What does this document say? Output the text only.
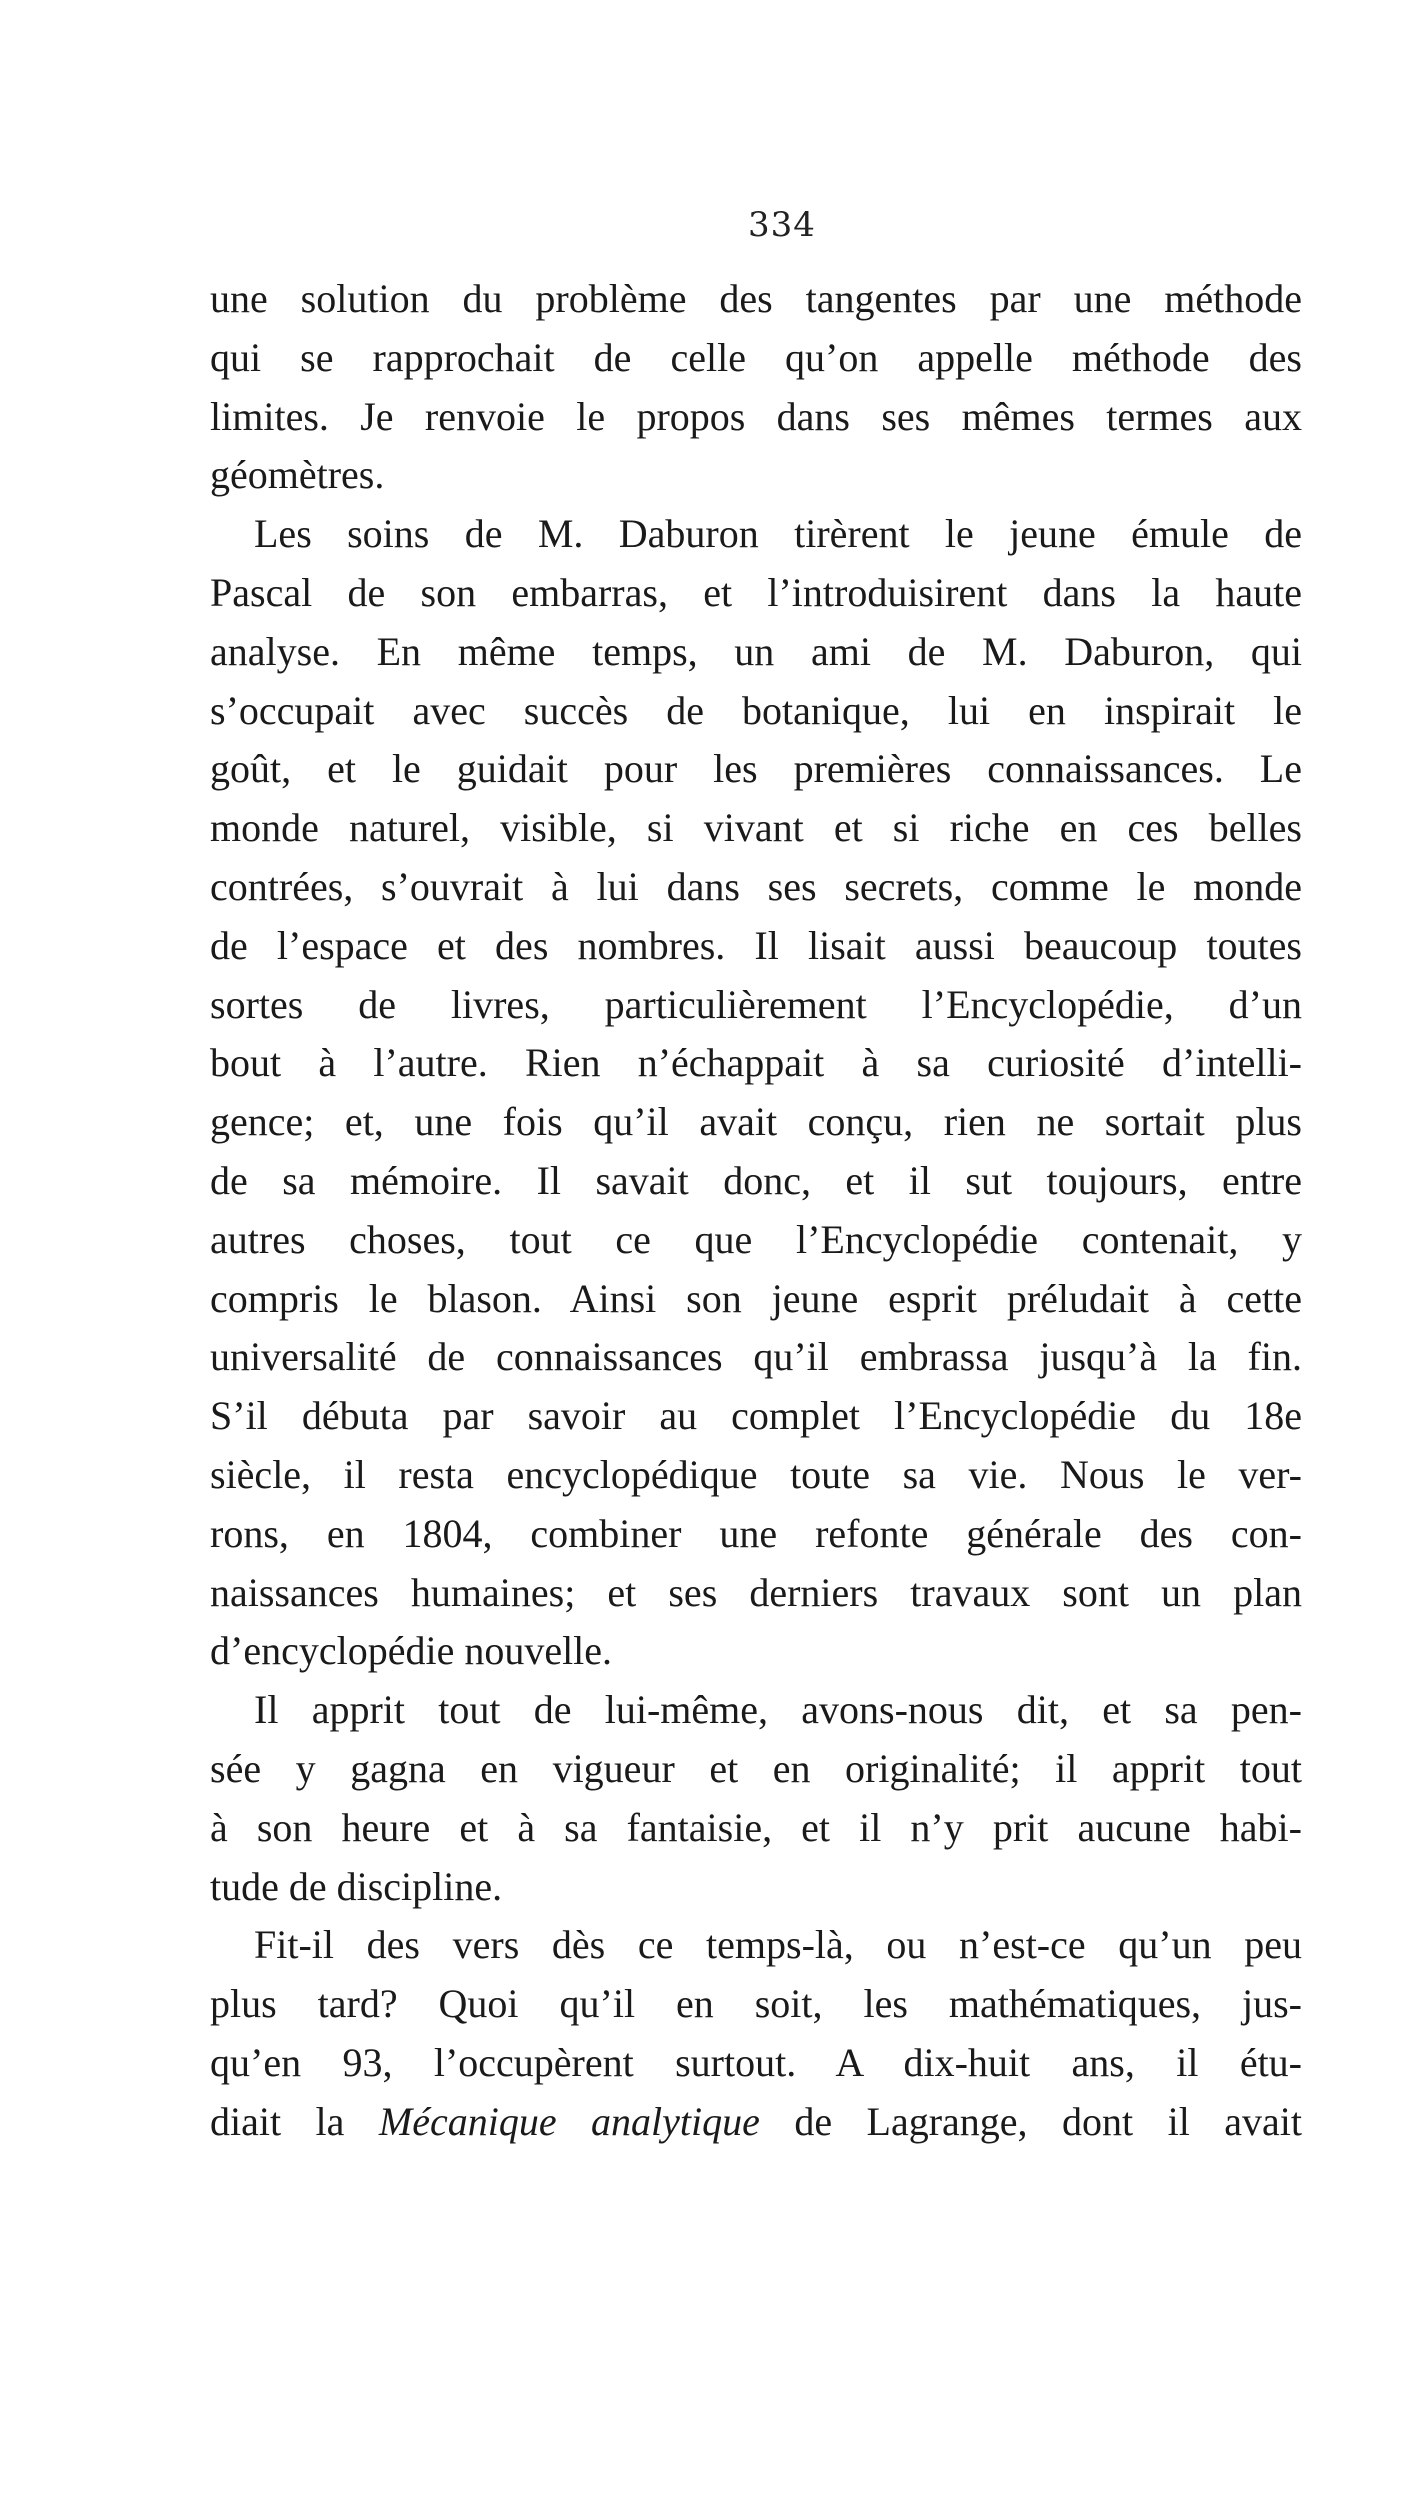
334
une solution du problème des tangentes par une méthode
qui se rapprochait de celle qu’on appelle méthode des
limites. Je renvoie le propos dans ses mêmes termes aux
géomètres.
Les soins de M. Daburon tirèrent le jeune émule de
Pascal de son embarras, et l’introduisirent dans la haute
analyse. En même temps, un ami de M. Daburon, qui
s’occupait avec succès de botanique, lui en inspirait le
goût, et le guidait pour les premières connaissances. Le
monde naturel, visible, si vivant et si riche en ces belles
contrées, s’ouvrait à lui dans ses secrets, comme le monde
de l’espace et des nombres. Il lisait aussi beaucoup toutes
sortes de livres, particulièrement l’Encyclopédie, d’un
bout à l’autre. Rien n’échappait à sa curiosité d’intelli-
gence; et, une fois qu’il avait conçu, rien ne sortait plus
de sa mémoire. Il savait donc, et il sut toujours, entre
autres choses, tout ce que l’Encyclopédie contenait, y
compris le blason. Ainsi son jeune esprit préludait à cette
universalité de connaissances qu’il embrassa jusqu’à la fin.
S’il débuta par savoir au complet l’Encyclopédie du 18e
siècle, il resta encyclopédique toute sa vie. Nous le ver-
rons, en 1804, combiner une refonte générale des con-
naissances humaines; et ses derniers travaux sont un plan
d’encyclopédie nouvelle.
Il apprit tout de lui-même, avons-nous dit, et sa pen-
sée y gagna en vigueur et en originalité; il apprit tout
à son heure et à sa fantaisie, et il n’y prit aucune habi-
tude de discipline.
Fit-il des vers dès ce temps-là, ou n’est-ce qu’un peu
plus tard? Quoi qu’il en soit, les mathématiques, jus-
qu’en 93, l’occupèrent surtout. A dix-huit ans, il étu-
diait la Mécanique analytique de Lagrange, dont il avait
